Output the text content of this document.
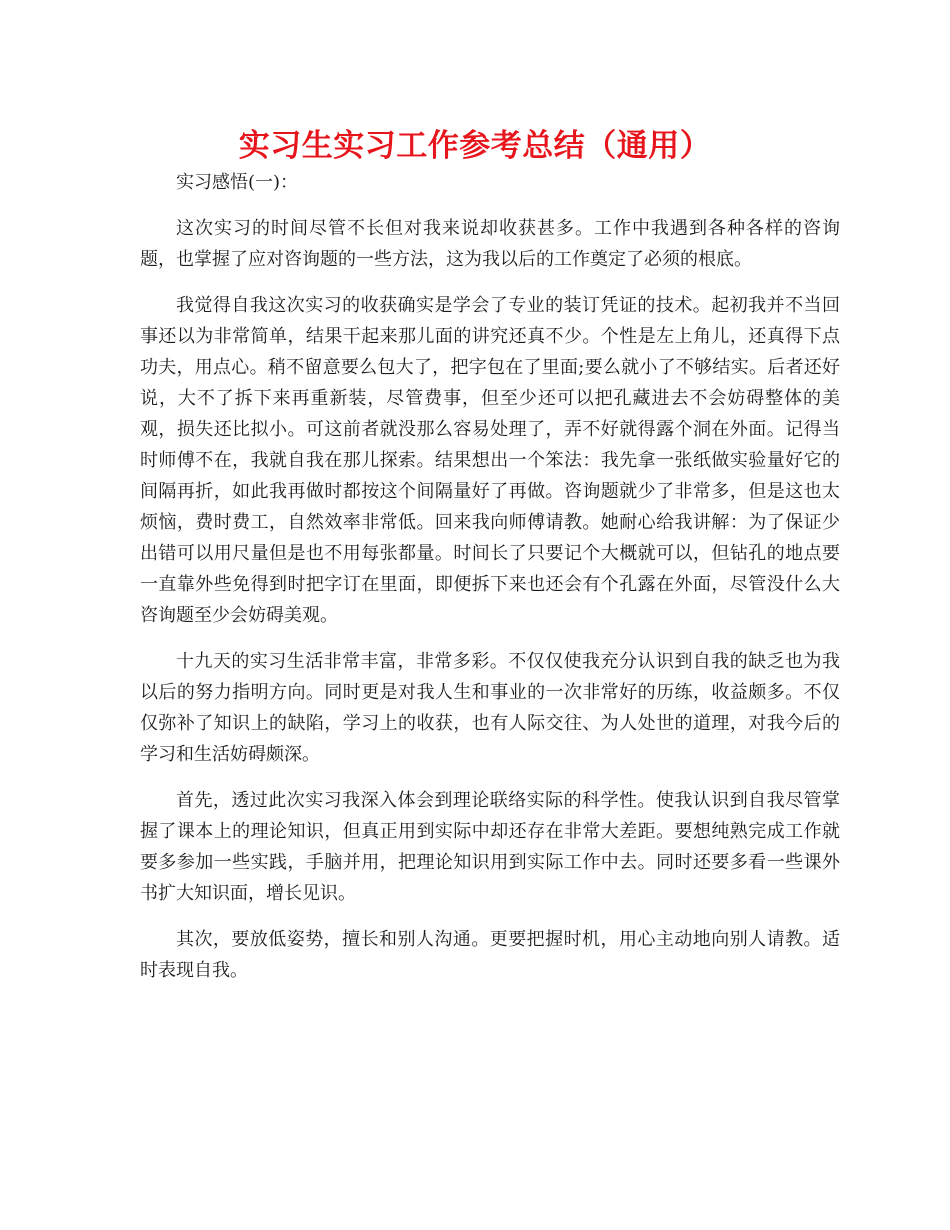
实习生实习工作参考总结（通用）

实习感悟(一)：

这次实习的时间尽管不长但对我来说却收获甚多。工作中我遇到各种各样的咨询题，也掌握了应对咨询题的一些方法，这为我以后的工作奠定了必须的根底。

我觉得自我这次实习的收获确实是学会了专业的装订凭证的技术。起初我并不当回事还以为非常简单，结果干起来那儿面的讲究还真不少。个性是左上角儿，还真得下点功夫，用点心。稍不留意要么包大了，把字包在了里面;要么就小了不够结实。后者还好说，大不了拆下来再重新装，尽管费事，但至少还可以把孔藏进去不会妨碍整体的美观，损失还比拟小。可这前者就没那么容易处理了，弄不好就得露个洞在外面。记得当时师傅不在，我就自我在那儿探索。结果想出一个笨法：我先拿一张纸做实验量好它的间隔再折，如此我再做时都按这个间隔量好了再做。咨询题就少了非常多，但是这也太烦恼，费时费工，自然效率非常低。回来我向师傅请教。她耐心给我讲解：为了保证少出错可以用尺量但是也不用每张都量。时间长了只要记个大概就可以，但钻孔的地点要一直靠外些免得到时把字订在里面，即便拆下来也还会有个孔露在外面，尽管没什么大咨询题至少会妨碍美观。

十九天的实习生活非常丰富，非常多彩。不仅仅使我充分认识到自我的缺乏也为我以后的努力指明方向。同时更是对我人生和事业的一次非常好的历练，收益颇多。不仅仅弥补了知识上的缺陷，学习上的收获，也有人际交往、为人处世的道理，对我今后的学习和生活妨碍颇深。

首先，透过此次实习我深入体会到理论联络实际的科学性。使我认识到自我尽管掌握了课本上的理论知识，但真正用到实际中却还存在非常大差距。要想纯熟完成工作就要多参加一些实践，手脑并用，把理论知识用到实际工作中去。同时还要多看一些课外书扩大知识面，增长见识。

其次，要放低姿势，擅长和别人沟通。更要把握时机，用心主动地向别人请教。适时表现自我。
